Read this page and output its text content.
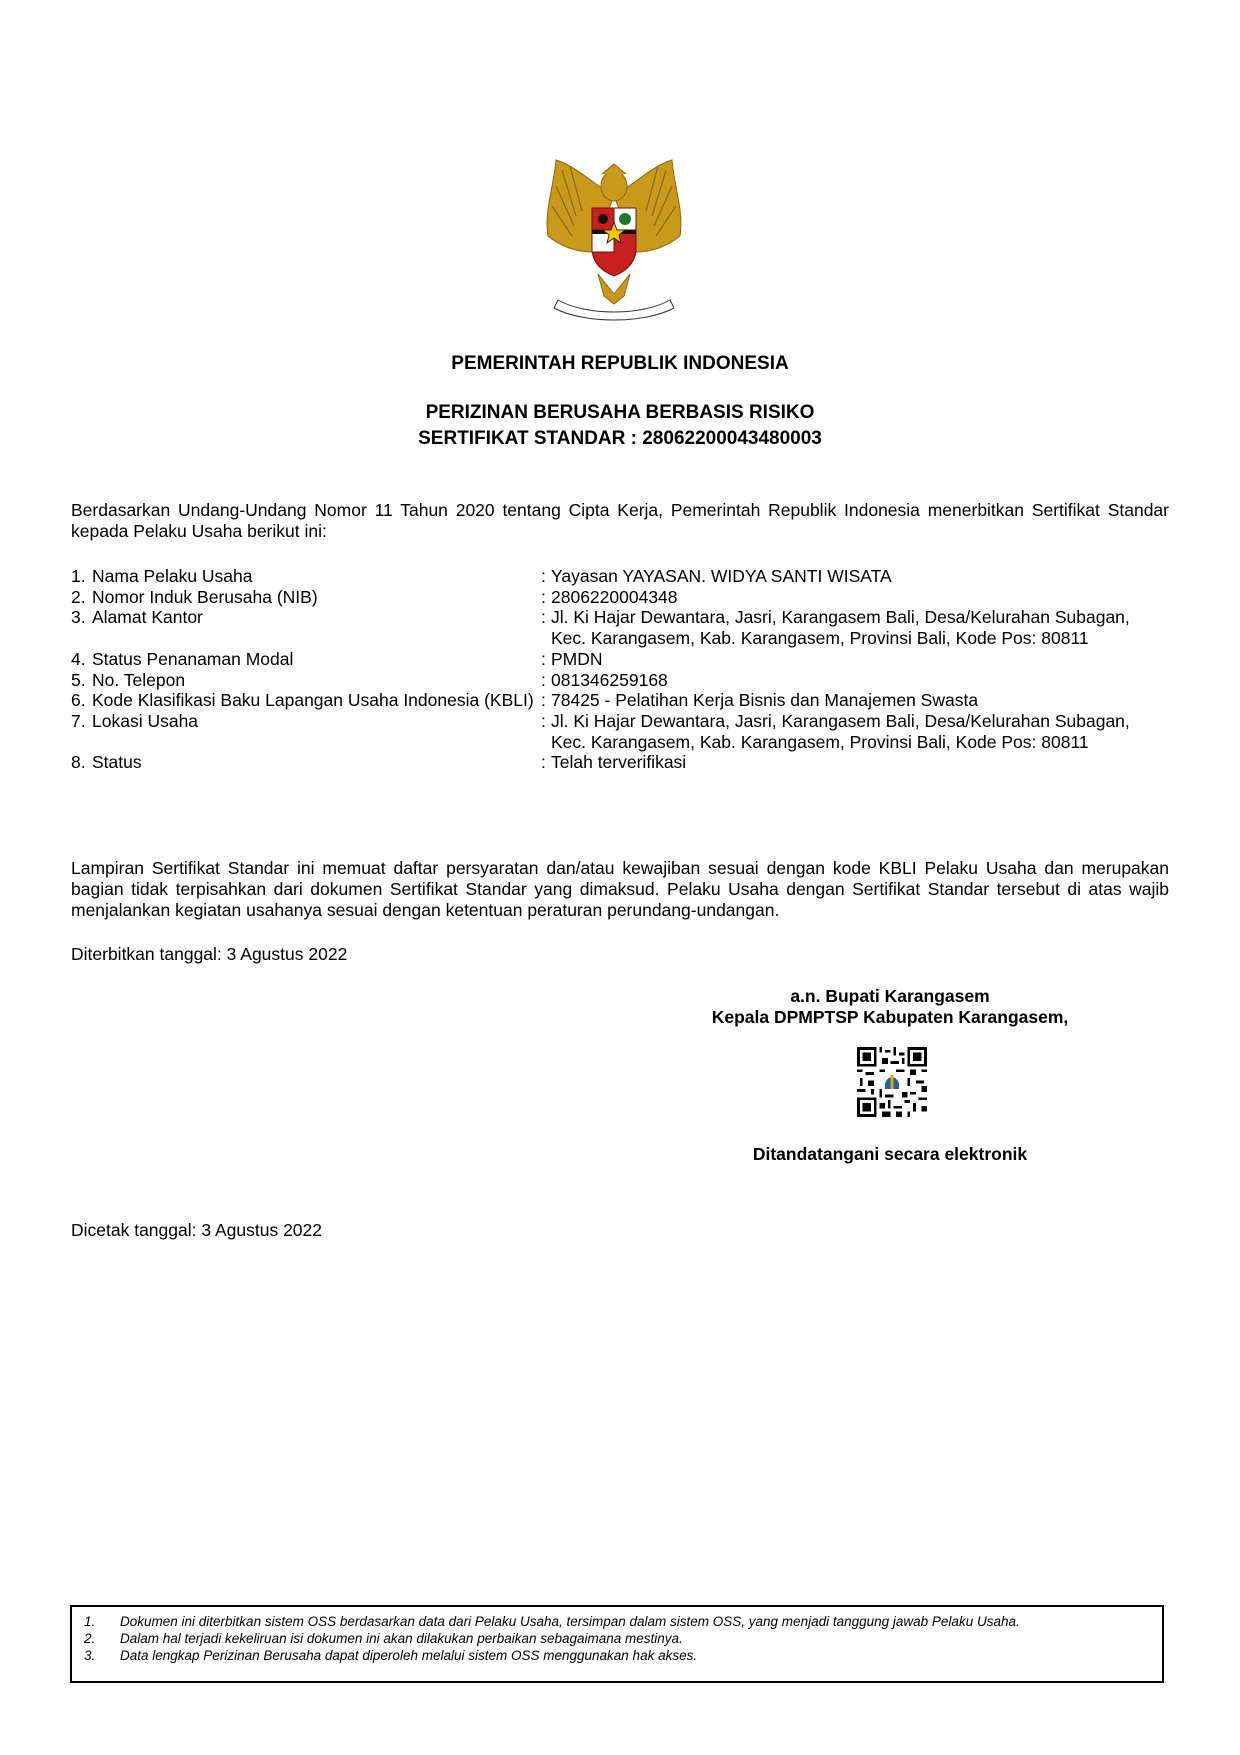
PEMERINTAH REPUBLIK INDONESIA
PERIZINAN BERUSAHA BERBASIS RISIKO
SERTIFIKAT STANDAR : 28062200043480003
Berdasarkan Undang-Undang Nomor 11 Tahun 2020 tentang Cipta Kerja, Pemerintah Republik Indonesia menerbitkan Sertifikat Standar kepada Pelaku Usaha berikut ini:
1. Nama Pelaku Usaha	: Yayasan YAYASAN. WIDYA SANTI WISATA
2. Nomor Induk Berusaha (NIB)	: 2806220004348
3. Alamat Kantor	: Jl. Ki Hajar Dewantara, Jasri, Karangasem Bali, Desa/Kelurahan Subagan, Kec. Karangasem, Kab. Karangasem, Provinsi Bali, Kode Pos: 80811
4. Status Penanaman Modal	: PMDN
5. No. Telepon	: 081346259168
6. Kode Klasifikasi Baku Lapangan Usaha Indonesia (KBLI) : 78425 - Pelatihan Kerja Bisnis dan Manajemen Swasta
7. Lokasi Usaha	: Jl. Ki Hajar Dewantara, Jasri, Karangasem Bali, Desa/Kelurahan Subagan, Kec. Karangasem, Kab. Karangasem, Provinsi Bali, Kode Pos: 80811
8. Status	: Telah terverifikasi
Lampiran Sertifikat Standar ini memuat daftar persyaratan dan/atau kewajiban sesuai dengan kode KBLI Pelaku Usaha dan merupakan bagian tidak terpisahkan dari dokumen Sertifikat Standar yang dimaksud. Pelaku Usaha dengan Sertifikat Standar tersebut di atas wajib menjalankan kegiatan usahanya sesuai dengan ketentuan peraturan perundang-undangan.
Diterbitkan tanggal: 3 Agustus 2022
a.n. Bupati Karangasem
Kepala DPMPTSP Kabupaten Karangasem,
Ditandatangani secara elektronik
Dicetak tanggal: 3 Agustus 2022
1.	Dokumen ini diterbitkan sistem OSS berdasarkan data dari Pelaku Usaha, tersimpan dalam sistem OSS, yang menjadi tanggung jawab Pelaku Usaha.
2.	Dalam hal terjadi kekeliruan isi dokumen ini akan dilakukan perbaikan sebagaimana mestinya.
3.	Data lengkap Perizinan Berusaha dapat diperoleh melalui sistem OSS menggunakan hak akses.
